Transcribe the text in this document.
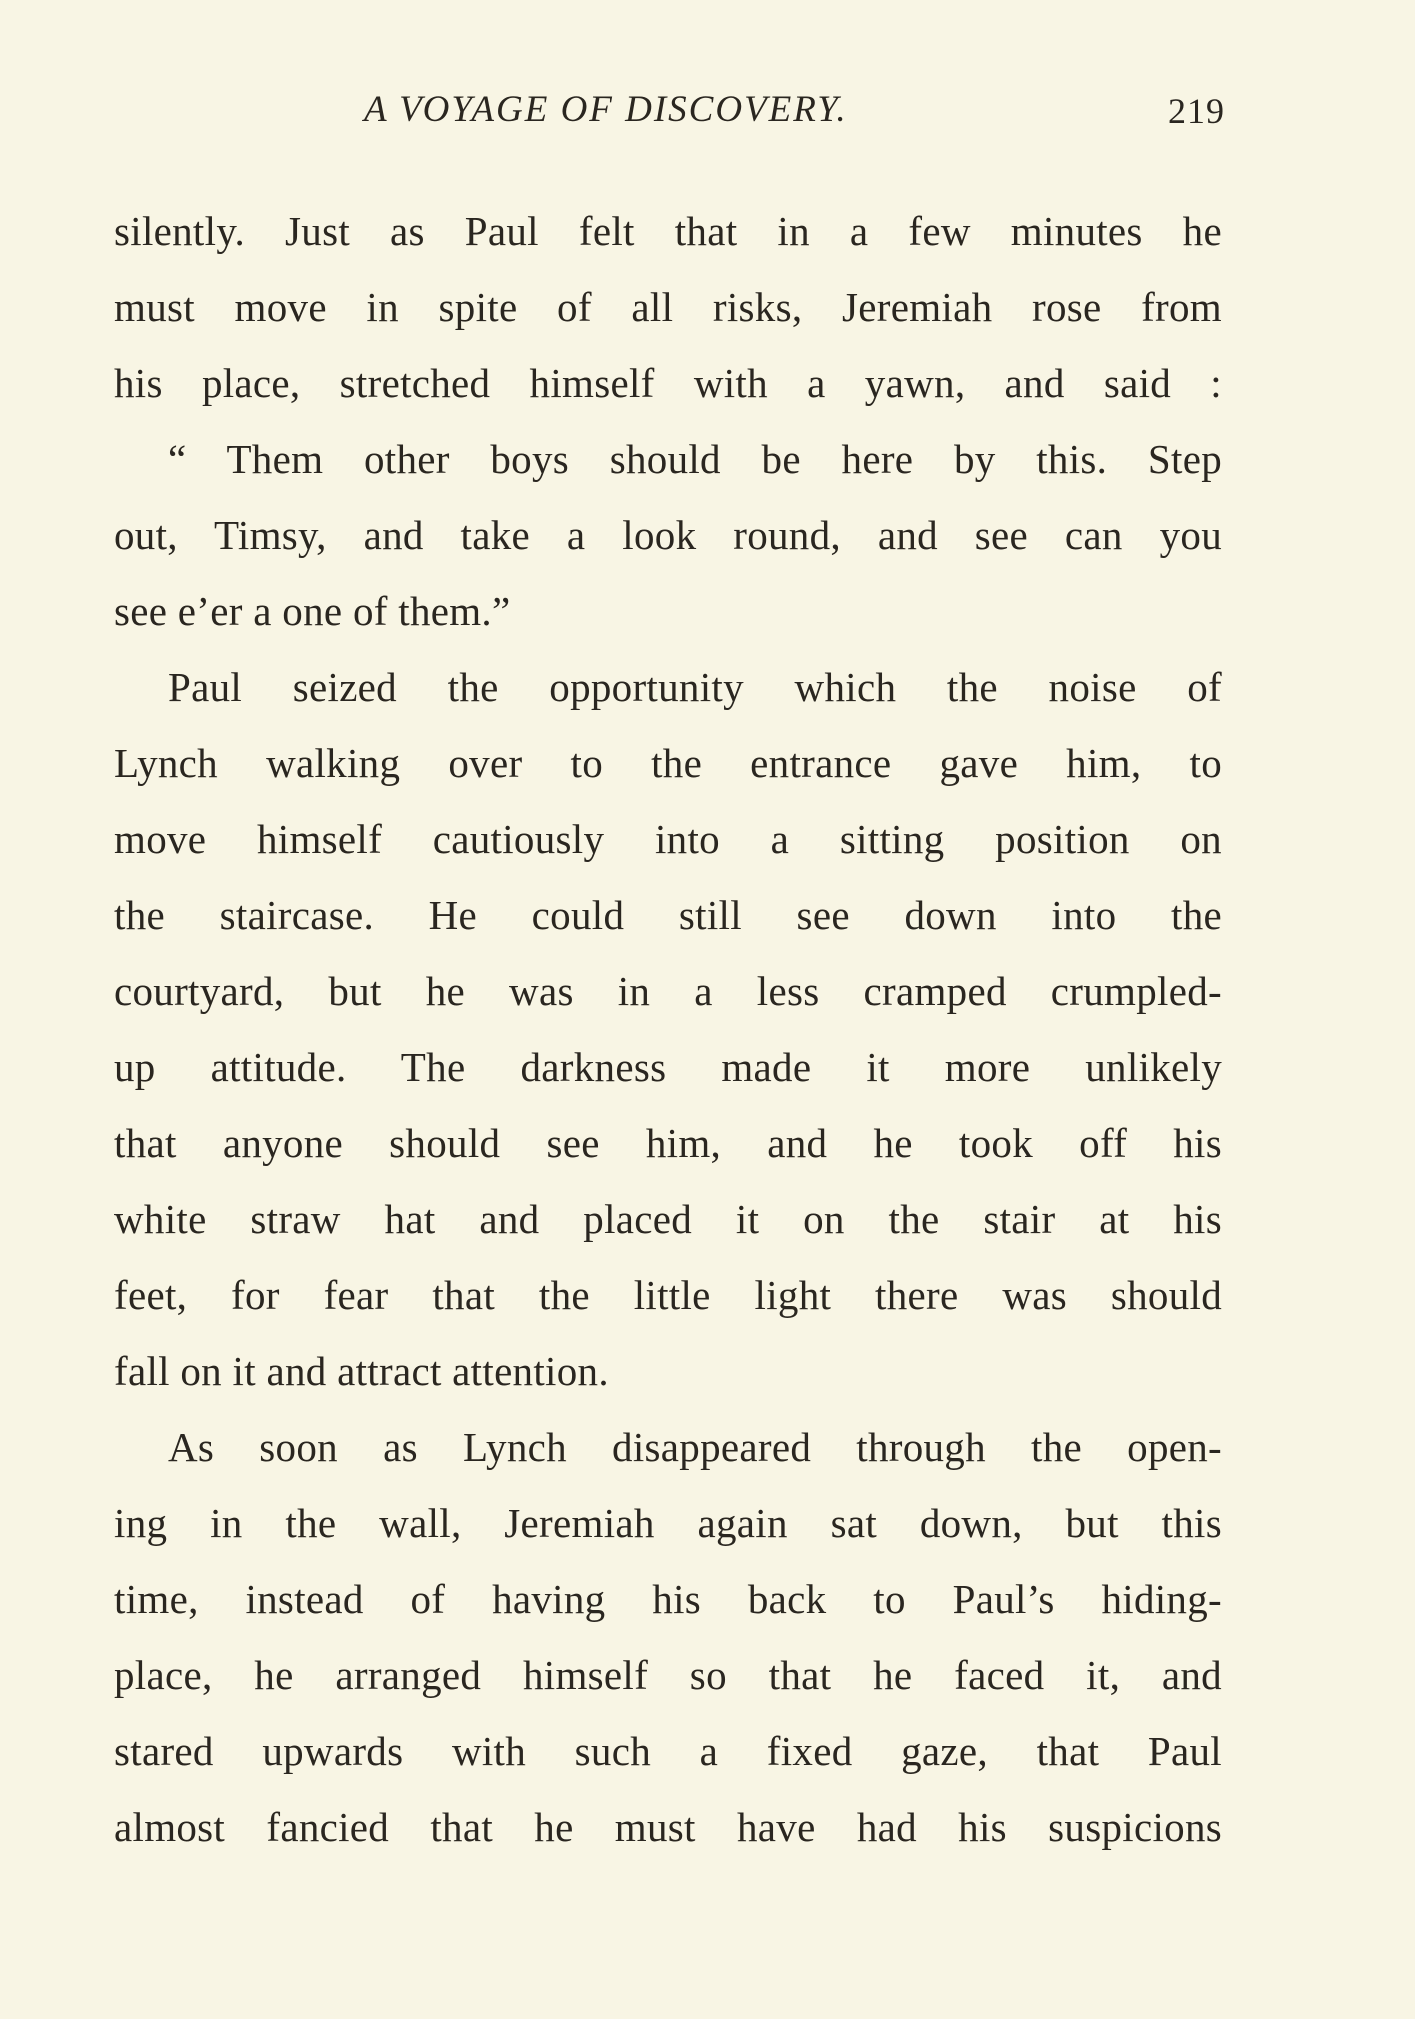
A VOYAGE OF DISCOVERY.	219
silently. Just as Paul felt that in a few minutes he
must move in spite of all risks, Jeremiah rose from
his place, stretched himself with a yawn, and said :
“ Them other boys should be here by this. Step
out, Timsy, and take a look round, and see can you
see e’er a one of them.”
Paul seized the opportunity which the noise of
Lynch walking over to the entrance gave him, to
move himself cautiously into a sitting position on
the staircase. He could still see down into the
courtyard, but he was in a less cramped crumpled-
up attitude. The darkness made it more unlikely
that anyone should see him, and he took off his
white straw hat and placed it on the stair at his
feet, for fear that the little light there was should
fall on it and attract attention.
As soon as Lynch disappeared through the open-
ing in the wall, Jeremiah again sat down, but this
time, instead of having his back to Paul’s hiding-
place, he arranged himself so that he faced it, and
stared upwards with such a fixed gaze, that Paul
almost fancied that he must have had his suspicions
